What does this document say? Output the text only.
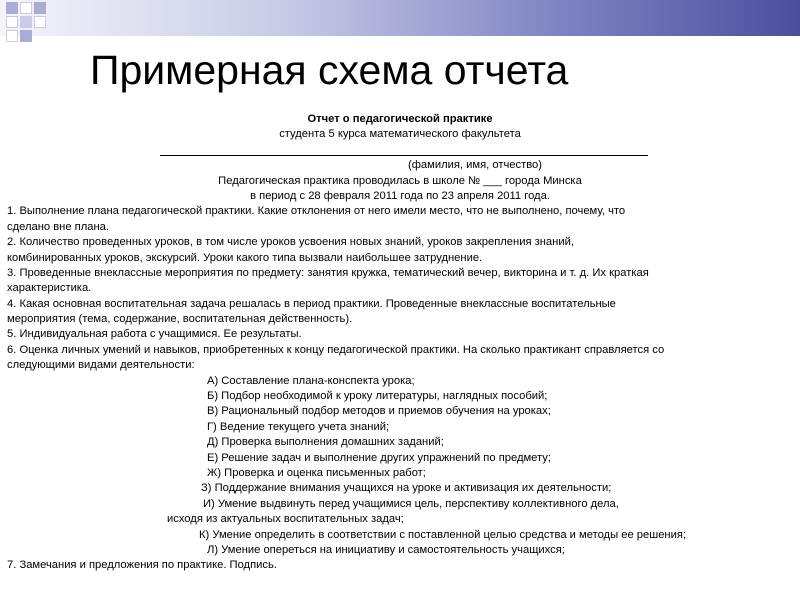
Примерная схема отчета
Отчет о педагогической практике
студента 5 курса математического факультета
(фамилия, имя, отчество)
Педагогическая практика проводилась в школе № ___ города Минска
в период с 28 февраля 2011 года по 23 апреля 2011 года.
1. Выполнение плана педагогической практики. Какие отклонения от него имели место, что не выполнено, почему, что
сделано вне плана.
2. Количество проведенных уроков, в том числе уроков усвоения новых знаний, уроков закрепления знаний,
комбинированных уроков, экскурсий. Уроки какого типа вызвали наибольшее затруднение.
3. Проведенные внеклассные мероприятия по предмету: занятия кружка, тематический вечер, викторина и т. д. Их краткая
характеристика.
4. Какая основная воспитательная задача решалась в период практики. Проведенные внеклассные воспитательные
мероприятия (тема, содержание, воспитательная действенность).
5. Индивидуальная работа с учащимися. Ее результаты.
6. Оценка личных умений и навыков, приобретенных к концу педагогической практики. На сколько практикант справляется со
следующими видами деятельности:
А) Составление плана-конспекта урока;
Б) Подбор необходимой к уроку литературы, наглядных пособий;
В) Рациональный подбор методов и приемов обучения на уроках;
Г) Ведение текущего учета знаний;
Д) Проверка выполнения домашних заданий;
Е) Решение задач и выполнение других упражнений по предмету;
Ж) Проверка и оценка письменных работ;
З) Поддержание внимания учащихся на уроке и активизация их деятельности;
И) Умение выдвинуть перед учащимися цель, перспективу коллективного дела,
исходя из актуальных воспитательных задач;
К) Умение определить в соответствии с поставленной целью средства и методы ее решения;
Л) Умение опереться на инициативу и самостоятельность учащихся;
7. Замечания и предложения по практике. Подпись.
